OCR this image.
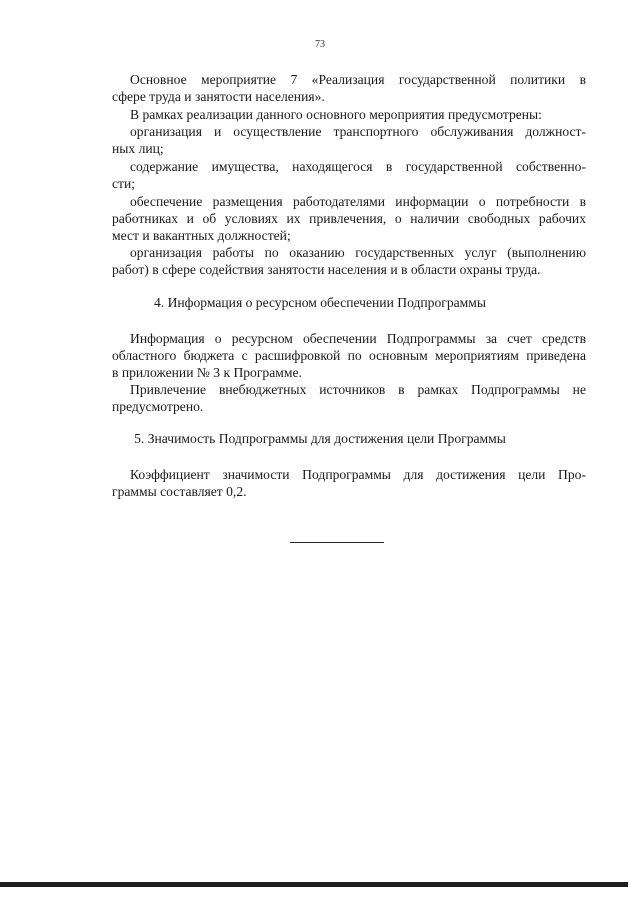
73
Основное мероприятие 7 «Реализация государственной политики в
сфере труда и занятости населения».
В рамках реализации данного основного мероприятия предусмотрены:
организация и осуществление транспортного обслуживания должност-
ных лиц;
содержание имущества, находящегося в государственной собственно-
сти;
обеспечение размещения работодателями информации о потребности в
работниках и об условиях их привлечения, о наличии свободных рабочих
мест и вакантных должностей;
организация работы по оказанию государственных услуг (выполнению
работ) в сфере содействия занятости населения и в области охраны труда.
4. Информация о ресурсном обеспечении Подпрограммы
Информация о ресурсном обеспечении Подпрограммы за счет средств
областного бюджета с расшифровкой по основным мероприятиям приведена
в приложении № 3 к Программе.
Привлечение внебюджетных источников в рамках Подпрограммы не
предусмотрено.
5. Значимость Подпрограммы для достижения цели Программы
Коэффициент значимости Подпрограммы для достижения цели Про-
граммы составляет 0,2.
